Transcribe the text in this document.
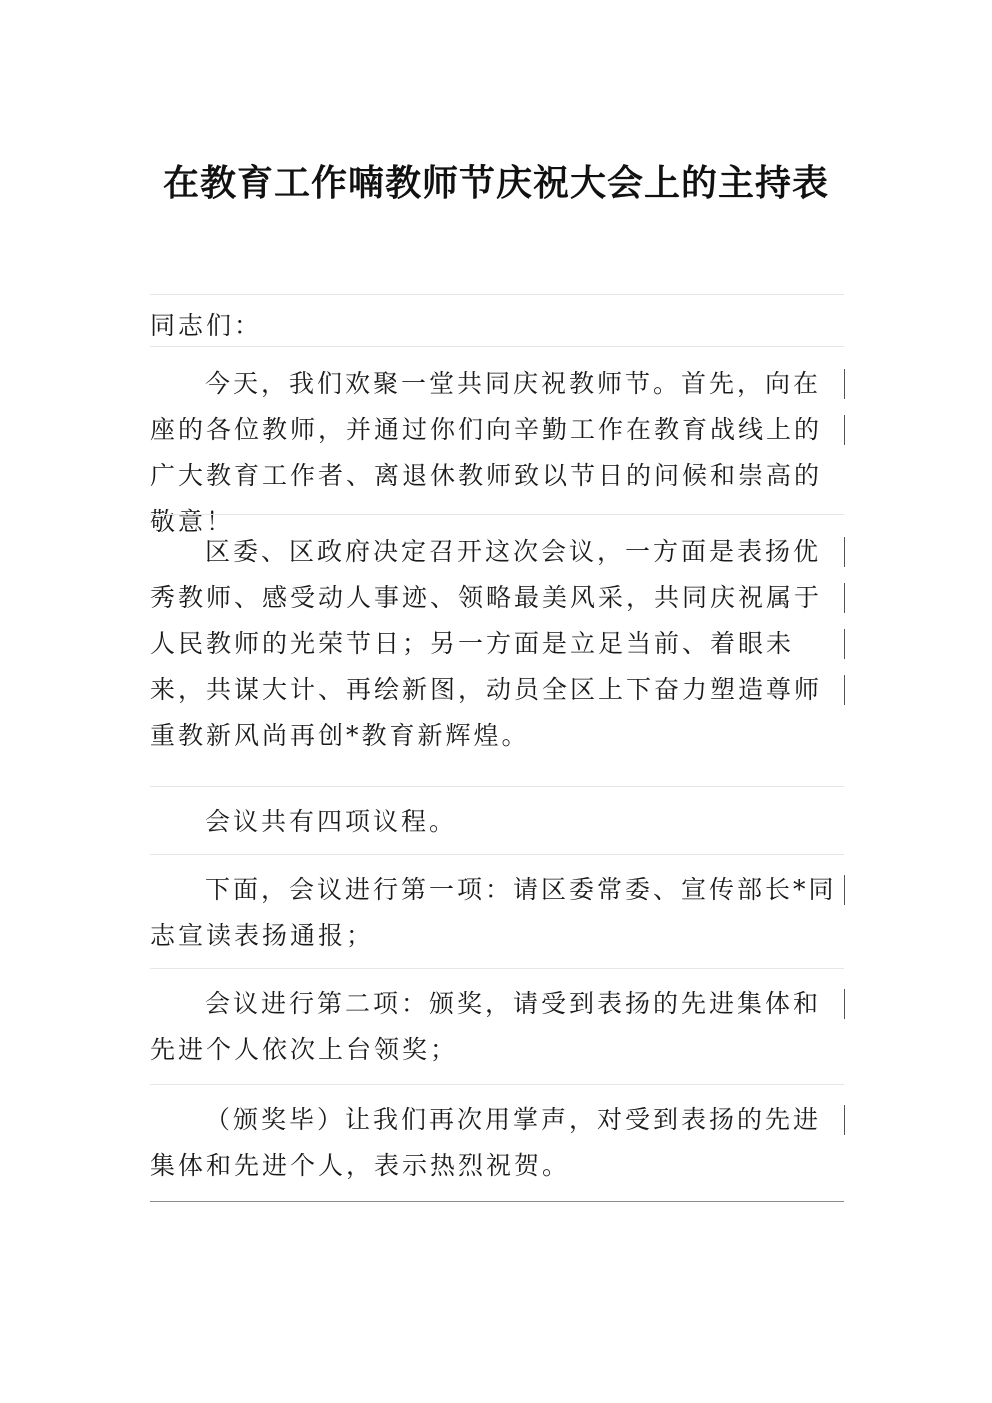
在教育工作喃教师节庆祝大会上的主持表
同志们：
今天，我们欢聚一堂共同庆祝教师节。首先，向在座的各位教师，并通过你们向辛勤工作在教育战线上的广大教育工作者、离退休教师致以节日的问候和崇高的敬意！
区委、区政府决定召开这次会议，一方面是表扬优秀教师、感受动人事迹、领略最美风采，共同庆祝属于人民教师的光荣节日；另一方面是立足当前、着眼未来，共谋大计、再绘新图，动员全区上下奋力塑造尊师重教新风尚再创*教育新辉煌。
会议共有四项议程。
下面，会议进行第一项：请区委常委、宣传部长*同志宣读表扬通报；
会议进行第二项：颁奖，请受到表扬的先进集体和先进个人依次上台领奖；
（颁奖毕）让我们再次用掌声，对受到表扬的先进集体和先进个人，表示热烈祝贺。
